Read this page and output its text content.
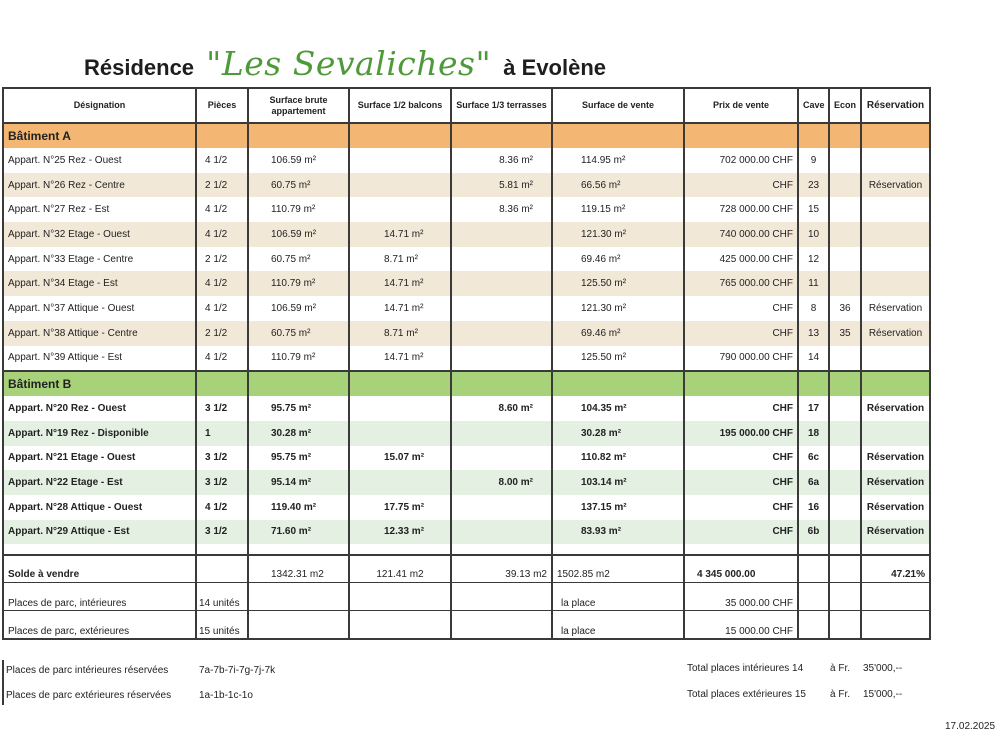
Résidence "Les Sevaliches" à Evolène
Désignation	Pièces	Surface brute appartement	Surface 1/2 balcons	Surface 1/3 terrasses	Surface de vente	Prix de vente	Cave	Econ	Réservation
Bâtiment A									
Appart. N°25 Rez - Ouest	4 1/2	106.59 m²		8.36 m²	114.95 m²	702 000.00 CHF	9		
Appart. N°26 Rez - Centre	2 1/2	60.75 m²		5.81 m²	66.56 m²	CHF	23		Réservation
Appart. N°27 Rez - Est	4 1/2	110.79 m²		8.36 m²	119.15 m²	728 000.00 CHF	15		
Appart. N°32 Etage - Ouest	4 1/2	106.59 m²	14.71 m²		121.30 m²	740 000.00 CHF	10		
Appart. N°33 Etage - Centre	2 1/2	60.75 m²	8.71 m²		69.46 m²	425 000.00 CHF	12		
Appart. N°34 Etage - Est	4 1/2	110.79 m²	14.71 m²		125.50 m²	765 000.00 CHF	11		
Appart. N°37 Attique - Ouest	4 1/2	106.59 m²	14.71 m²		121.30 m²	CHF	8	36	Réservation
Appart. N°38 Attique - Centre	2 1/2	60.75 m²	8.71 m²		69.46 m²	CHF	13	35	Réservation
Appart. N°39 Attique - Est	4 1/2	110.79 m²	14.71 m²		125.50 m²	790 000.00 CHF	14		
Bâtiment B									
Appart. N°20 Rez - Ouest	3 1/2	95.75 m²		8.60 m²	104.35 m²	CHF	17		Réservation
Appart. N°19 Rez - Disponible	1	30.28 m²			30.28 m²	195 000.00 CHF	18		
Appart. N°21 Etage - Ouest	3 1/2	95.75 m²	15.07 m²		110.82 m²	CHF	6c		Réservation
Appart. N°22 Etage - Est	3 1/2	95.14 m²		8.00 m²	103.14 m²	CHF	6a		Réservation
Appart. N°28 Attique - Ouest	4 1/2	119.40 m²	17.75 m²		137.15 m²	CHF	16		Réservation
Appart. N°29 Attique - Est	3 1/2	71.60 m²	12.33 m²		83.93 m²	CHF	6b		Réservation

Solde à vendre		1342.31 m2	121.41 m2	39.13 m2	1502.85 m2	4 345 000.00			47.21%
Places de parc, intérieures	14 unités				la place	35 000.00 CHF			
Places de parc, extérieures	15 unités				la place	15 000.00 CHF			
Places de parc intérieures réservées	7a-7b-7i-7g-7j-7k
Places de parc extérieures réservées	1a-1b-1c-1o
Total places intérieures 14	à Fr. 35'000,--
Total places extérieures 15 à Fr. 15'000,--
17.02.2025
